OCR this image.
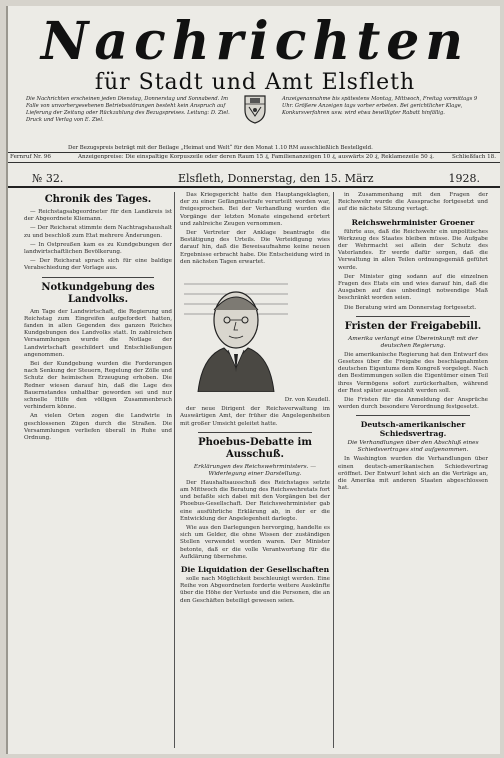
Nachrichten
für Stadt und Amt Elsfleth
Die Nachrichten erscheinen jeden Dienstag, Donnerstag und Sonnabend. Im Falle von unvorhergesehenen Betriebsstörungen besteht kein Anspruch auf Lieferung der Zeitung oder Rückzahlung des Bezugspreises. Leitung: D. Ziel. Druck und Verlag von E. Ziel.
Anzeigenannahme bis spätestens Montag, Mittwoch, Freitag vormittags 9 Uhr. Größere Anzeigen tags vorher erbeten. Bei gerichtlicher Klage, Konkursverfahren usw. wird etwa bewilligter Rabatt hinfällig.
Der Bezugspreis beträgt mit der Beilage „Heimat und Welt“ für den Monat 1.10 RM ausschließlich Bestellgeld.
Fernruf Nr. 96	Anzeigenpreise: Die einspaltige Korpuszeile oder deren Raum 15 ₰, Familienanzeigen 10 ₰, auswärts 20 ₰, Reklamezeile 50 ₰.	Schließfach 18.
№ 32.	Elsfleth, Donnerstag, den 15. März	1928.
Chronik des Tages.

— Reichstagsabgeordneter für den Landkreis ist der Abgeordnete Kliemann.

— Der Reichsrat stimmte dem Nachtragshaushalt zu und beschloß zum Etat mehrere Änderungen.

— In Ostpreußen kam es zu Kundgebungen der landwirtschaftlichen Bevölkerung.

— Der Reichsrat sprach sich für eine baldige Verabschiedung der Vorlage aus.

Notkundgebung des Landvolks.

Am Tage der Landwirtschaft, die Regierung und Reichstag zum Eingreifen aufgefordert hatten, fanden in allen Gegenden des ganzen Reiches Kundgebungen des Landvolks statt. In zahlreichen Versammlungen wurde die Notlage der Landwirtschaft geschildert und Entschließungen angenommen.

Bei der Kundgebung wurden die Forderungen nach Senkung der Steuern, Regelung der Zölle und Schutz der heimischen Erzeugung erhoben. Die Redner wiesen darauf hin, daß die Lage des Bauernstandes unhaltbar geworden sei und nur schnelle Hilfe den völligen Zusammenbruch verhindern könne.

An vielen Orten zogen die Landwirte in geschlossenen Zügen durch die Straßen. Die Versammlungen verliefen überall in Ruhe und Ordnung.

Das Kriegsgericht hatte den Hauptangeklagten, der zu einer Gefängnisstrafe verurteilt worden war, freigesprochen. Bei der Verhandlung wurden die Vorgänge der letzten Monate eingehend erörtert und zahlreiche Zeugen vernommen.

Der Vertreter der Anklage beantragte die Bestätigung des Urteils. Die Verteidigung wies darauf hin, daß die Beweisaufnahme keine neuen Ergebnisse erbracht habe. Die Entscheidung wird in den nächsten Tagen erwartet.

Dr. von Keudell.

der neue Dirigent der Reichsverwaltung im Auswärtigen Amt, der früher die Angelegenheiten mit großer Umsicht geleitet hatte.

Phoebus-Debatte im Ausschuß.
Erklärungen des Reichswehrministers. — Widerlegung einer Darstellung.

Der Haushaltsausschuß des Reichstages setzte am Mittwoch die Beratung des Reichswehretats fort und befaßte sich dabei mit den Vorgängen bei der Phoebus-Gesellschaft. Der Reichswehrminister gab eine ausführliche Erklärung ab, in der er die Entwicklung der Angelegenheit darlegte.

Wie aus den Darlegungen hervorging, handelte es sich um Gelder, die ohne Wissen der zuständigen Stellen verwendet worden waren. Der Minister betonte, daß er die volle Verantwortung für die Aufklärung übernehme.

Die Liquidation der Gesellschaften

solle nach Möglichkeit beschleunigt werden. Eine Reihe von Abgeordneten forderte weitere Auskünfte über die Höhe der Verluste und die Personen, die an den Geschäften beteiligt gewesen seien.

in Zusammenhang mit den Fragen der Reichswehr wurde die Aussprache fortgesetzt und auf die nächste Sitzung vertagt.

Reichswehrminister Groener

führte aus, daß die Reichswehr ein unpolitisches Werkzeug des Staates bleiben müsse. Die Aufgabe der Wehrmacht sei allein der Schutz des Vaterlandes. Er werde dafür sorgen, daß die Verwaltung in allen Teilen ordnungsgemäß geführt werde.

Der Minister ging sodann auf die einzelnen Fragen des Etats ein und wies darauf hin, daß die Ausgaben auf das unbedingt notwendige Maß beschränkt worden seien.

Die Beratung wird am Donnerstag fortgesetzt.

Fristen der Freigabebill.
Amerika verlangt eine Übereinkunft mit der deutschen Regierung.

Die amerikanische Regierung hat den Entwurf des Gesetzes über die Freigabe des beschlagnahmten deutschen Eigentums dem Kongreß vorgelegt. Nach den Bestimmungen sollen die Eigentümer einen Teil ihres Vermögens sofort zurückerhalten, während der Rest später ausgezahlt werden soll.

Die Fristen für die Anmeldung der Ansprüche werden durch besondere Verordnung festgesetzt.

Deutsch-amerikanischer Schiedsvertrag.
Die Verhandlungen über den Abschluß eines Schiedsvertrages sind aufgenommen.

In Washington wurden die Verhandlungen über einen deutsch-amerikanischen Schiedsvertrag eröffnet. Der Entwurf lehnt sich an die Verträge an, die Amerika mit anderen Staaten abgeschlossen hat.
